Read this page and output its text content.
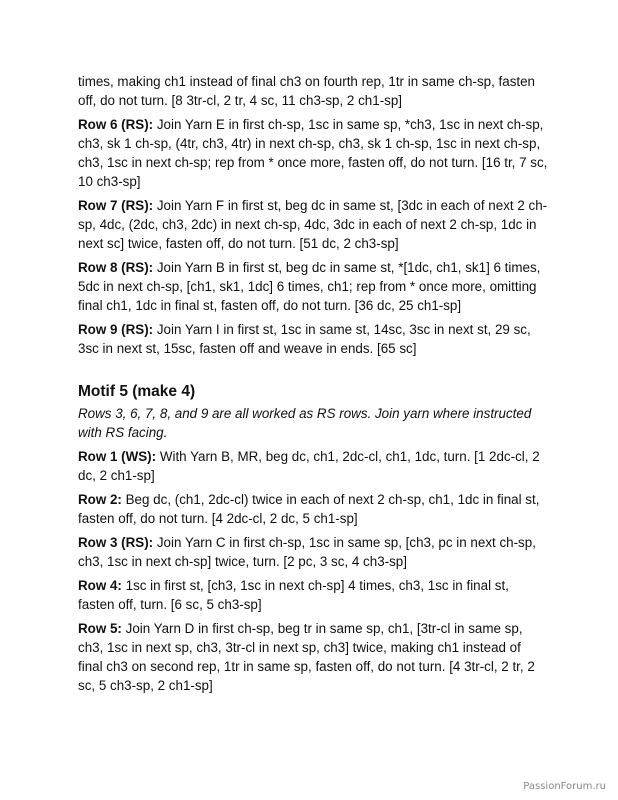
times, making ch1 instead of final ch3 on fourth rep, 1tr in same ch-sp, fasten off, do not turn. [8 3tr-cl, 2 tr, 4 sc, 11 ch3-sp, 2 ch1-sp]

Row 6 (RS): Join Yarn E in first ch-sp, 1sc in same sp, *ch3, 1sc in next ch-sp, ch3, sk 1 ch-sp, (4tr, ch3, 4tr) in next ch-sp, ch3, sk 1 ch-sp, 1sc in next ch-sp, ch3, 1sc in next ch-sp; rep from * once more, fasten off, do not turn. [16 tr, 7 sc, 10 ch3-sp]

Row 7 (RS): Join Yarn F in first st, beg dc in same st, [3dc in each of next 2 ch-sp, 4dc, (2dc, ch3, 2dc) in next ch-sp, 4dc, 3dc in each of next 2 ch-sp, 1dc in next sc] twice, fasten off, do not turn. [51 dc, 2 ch3-sp]

Row 8 (RS): Join Yarn B in first st, beg dc in same st, *[1dc, ch1, sk1] 6 times, 5dc in next ch-sp, [ch1, sk1, 1dc] 6 times, ch1; rep from * once more, omitting final ch1, 1dc in final st, fasten off, do not turn. [36 dc, 25 ch1-sp]

Row 9 (RS): Join Yarn I in first st, 1sc in same st, 14sc, 3sc in next st, 29 sc, 3sc in next st, 15sc, fasten off and weave in ends. [65 sc]

Motif 5 (make 4)

Rows 3, 6, 7, 8, and 9 are all worked as RS rows. Join yarn where instructed with RS facing.

Row 1 (WS): With Yarn B, MR, beg dc, ch1, 2dc-cl, ch1, 1dc, turn. [1 2dc-cl, 2 dc, 2 ch1-sp]

Row 2: Beg dc, (ch1, 2dc-cl) twice in each of next 2 ch-sp, ch1, 1dc in final st, fasten off, do not turn. [4 2dc-cl, 2 dc, 5 ch1-sp]

Row 3 (RS): Join Yarn C in first ch-sp, 1sc in same sp, [ch3, pc in next ch-sp, ch3, 1sc in next ch-sp] twice, turn. [2 pc, 3 sc, 4 ch3-sp]

Row 4: 1sc in first st, [ch3, 1sc in next ch-sp] 4 times, ch3, 1sc in final st, fasten off, turn. [6 sc, 5 ch3-sp]

Row 5: Join Yarn D in first ch-sp, beg tr in same sp, ch1, [3tr-cl in same sp, ch3, 1sc in next sp, ch3, 3tr-cl in next sp, ch3] twice, making ch1 instead of final ch3 on second rep, 1tr in same sp, fasten off, do not turn. [4 3tr-cl, 2 tr, 2 sc, 5 ch3-sp, 2 ch1-sp]

PassionForum.ru
